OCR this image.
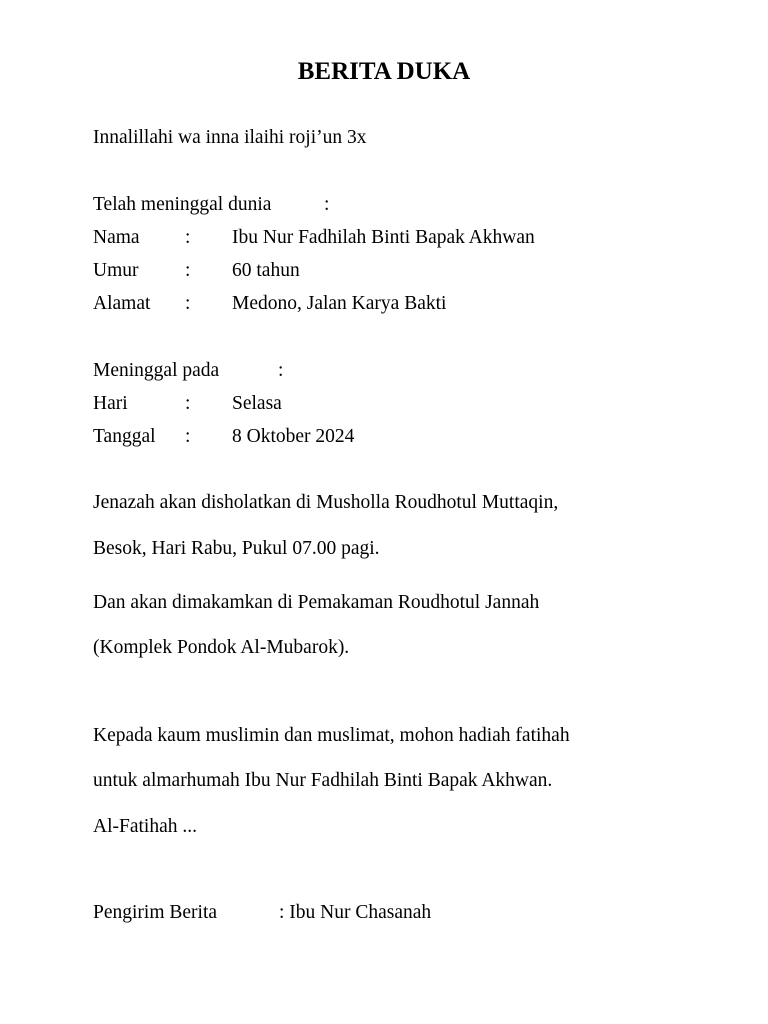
BERITA DUKA
Innalillahi wa inna ilaihi roji’un 3x
Telah meninggal dunia	:
Nama : Ibu Nur Fadhilah Binti Bapak Akhwan
Umur : 60 tahun
Alamat : Medono, Jalan Karya Bakti
Meninggal pada	:
Hari	: Selasa
Tanggal : 8 Oktober 2024
Jenazah akan disholatkan di Musholla Roudhotul Muttaqin,
Besok, Hari Rabu, Pukul 07.00 pagi.
Dan akan dimakamkan di Pemakaman Roudhotul Jannah
(Komplek Pondok Al-Mubarok).
Kepada kaum muslimin dan muslimat, mohon hadiah fatihah
untuk almarhumah Ibu Nur Fadhilah Binti Bapak Akhwan.
Al-Fatihah ...
Pengirim Berita	: Ibu Nur Chasanah
